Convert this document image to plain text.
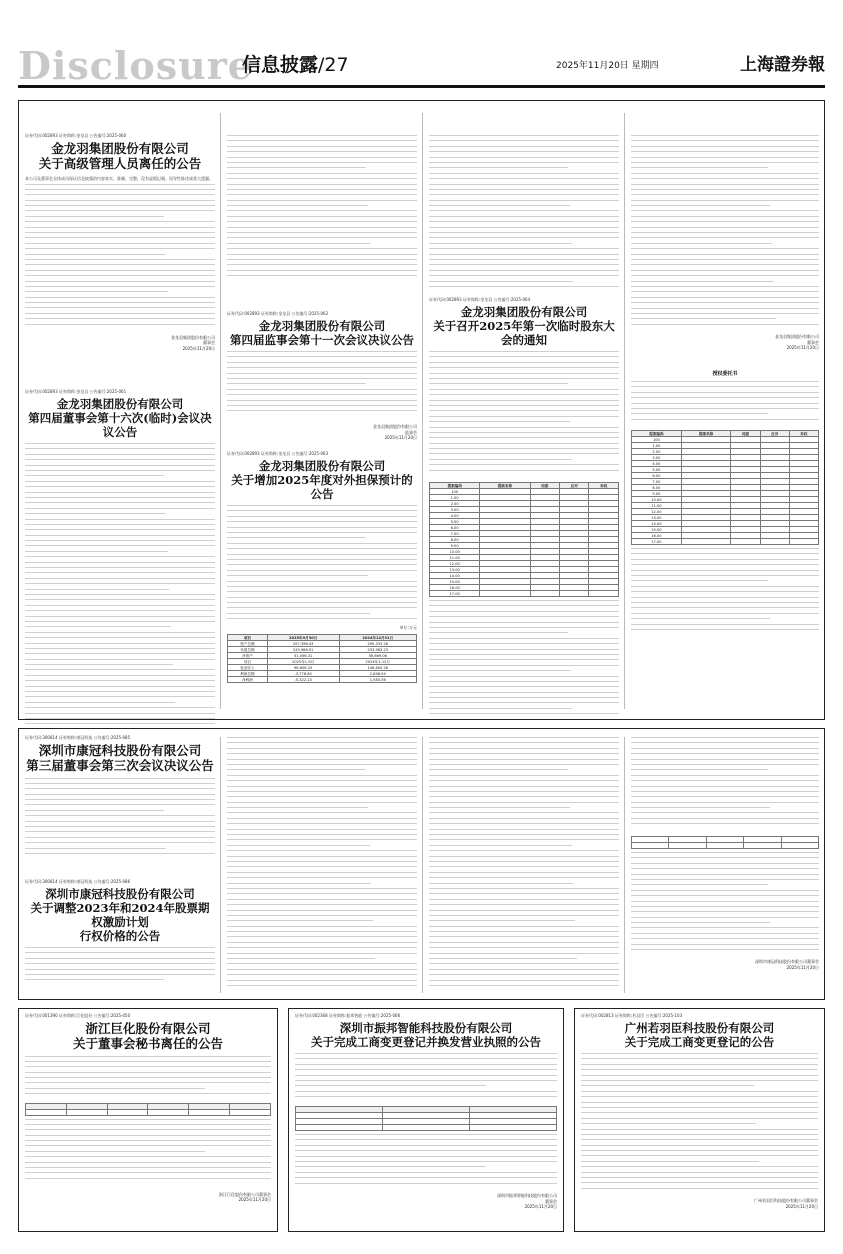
Disclosure
信息披露/27	2025年11月20日 星期四	上海證券報
证券代码:002893 证券简称:金龙羽 公告编号:2025-060
金龙羽集团股份有限公司
关于高级管理人员离任的公告
本公司及董事会全体成员保证信息披露的内容真实、准确、完整，没有虚假记载、误导性陈述或重大遗漏。
金龙羽集团股份有限公司
董事会
2025年11月20日
证券代码:002893 证券简称:金龙羽 公告编号:2025-061
金龙羽集团股份有限公司
第四届董事会第十六次(临时)会议决议公告
证券代码:002893 证券简称:金龙羽 公告编号:2025-062
金龙羽集团股份有限公司
第四届监事会第十一次会议决议公告
金龙羽集团股份有限公司
监事会
2025年11月20日
证券代码:002893 证券简称:金龙羽 公告编号:2025-063
金龙羽集团股份有限公司
关于增加2025年度对外担保预计的公告
单位:万元
项目	2025年9月30日	2024年12月31日
资产总额	297,396.43	290,333.26
负债总额	245,986.91	233,963.23
净资产	51,056.31	56,669.06
项目	2025年1-9月	2024年1-12月
营业收入	96,606.25	146,600.28
利润总额	-3,778.85	2,858.94
净利润	-5,322.13	1,583.56
证券代码:002893 证券简称:金龙羽 公告编号:2025-064
金龙羽集团股份有限公司
关于召开2025年第一次临时股东大会的通知
提案编码	提案名称	同意	反对	弃权
100				
1.00				
2.00				
3.00				
4.00				
5.00				
6.00				
7.00				
8.00				
9.00				
10.00				
11.00				
12.00				
13.00				
14.00				
15.00				
16.00				
17.00				
金龙羽集团股份有限公司
董事会
2025年11月20日
授权委托书
提案编码	提案名称	同意	反对	弃权
100				
1.00				
2.00				
3.00				
4.00				
5.00				
6.00				
7.00				
8.00				
9.00				
10.00				
11.00				
12.00				
13.00				
14.00				
15.00				
16.00				
17.00				
证券代码:300814 证券简称:康冠科技 公告编号:2025-085
深圳市康冠科技股份有限公司
第三届董事会第三次会议决议公告
证券代码:300814 证券简称:康冠科技 公告编号:2025-086
深圳市康冠科技股份有限公司
关于调整2023年和2024年股票期权激励计划
行权价格的公告

深圳市康冠科技股份有限公司董事会
2025年11月20日
证券代码:001390 证券简称:巨化股份 公告编号:2025-050
浙江巨化股份有限公司
关于董事会秘书离任的公告

浙江巨化股份有限公司董事会
2025年11月20日
证券代码:002368 证券简称:振邦智能 公告编号:2025-066
深圳市振邦智能科技股份有限公司
关于完成工商变更登记并换发营业执照的公告

深圳市振邦智能科技股份有限公司
董事会
2025年11月20日
证券代码:002813 证券简称:若羽臣 公告编号:2025-103
广州若羽臣科技股份有限公司
关于完成工商变更登记的公告
广州若羽臣科技股份有限公司董事会
2025年11月20日
